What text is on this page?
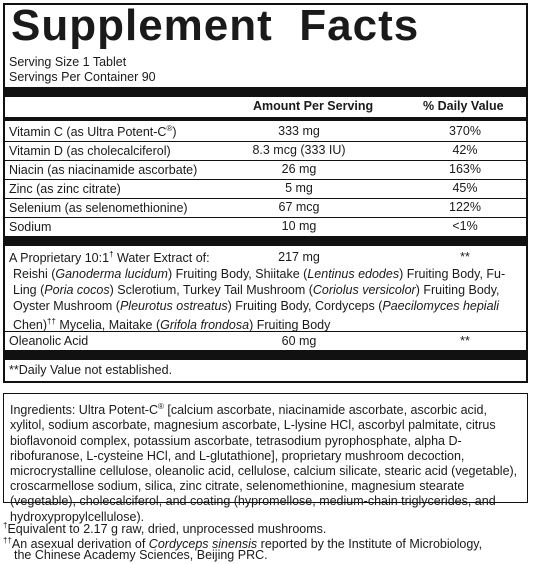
Supplement  Facts
Serving Size 1 Tablet
Servings Per Container 90
Amount Per Serving	% Daily Value
Vitamin C (as Ultra Potent-C®)	333 mg	370%
Vitamin D (as cholecalciferol)	8.3 mcg (333 IU)	42%
Niacin (as niacinamide ascorbate)	26 mg	163%
Zinc (as zinc citrate)	5 mg	45%
Selenium (as selenomethionine)	67 mcg	122%
Sodium	10 mg	<1%
A Proprietary 10:1† Water Extract of:	217 mg	**
Reishi (Ganoderma lucidum) Fruiting Body, Shiitake (Lentinus edodes) Fruiting Body, Fu-Ling (Poria cocos) Sclerotium, Turkey Tail Mushroom (Coriolus versicolor) Fruiting Body, Oyster Mushroom (Pleurotus ostreatus) Fruiting Body, Cordyceps (Paecilomyces hepiali Chen)†† Mycelia, Maitake (Grifola frondosa) Fruiting Body
Oleanolic Acid	60 mg	**
**Daily Value not established.
Ingredients: Ultra Potent-C® [calcium ascorbate, niacinamide ascorbate, ascorbic acid, xylitol, sodium ascorbate, magnesium ascorbate, L-lysine HCl, ascorbyl palmitate, citrus bioflavonoid complex, potassium ascorbate, tetrasodium pyrophosphate, alpha D-ribofuranose, L-cysteine HCl, and L-glutathione], proprietary mushroom decoction, microcrystalline cellulose, oleanolic acid, cellulose, calcium silicate, stearic acid (vegetable), croscarmellose sodium, silica, zinc citrate, selenomethionine, magnesium stearate (vegetable), cholecalciferol, and coating (hypromellose, medium-chain triglycerides, and hydroxypropylcellulose).
†Equivalent to 2.17 g raw, dried, unprocessed mushrooms.
††An asexual derivation of Cordyceps sinensis reported by the Institute of Microbiology,
the Chinese Academy Sciences, Beijing PRC.
